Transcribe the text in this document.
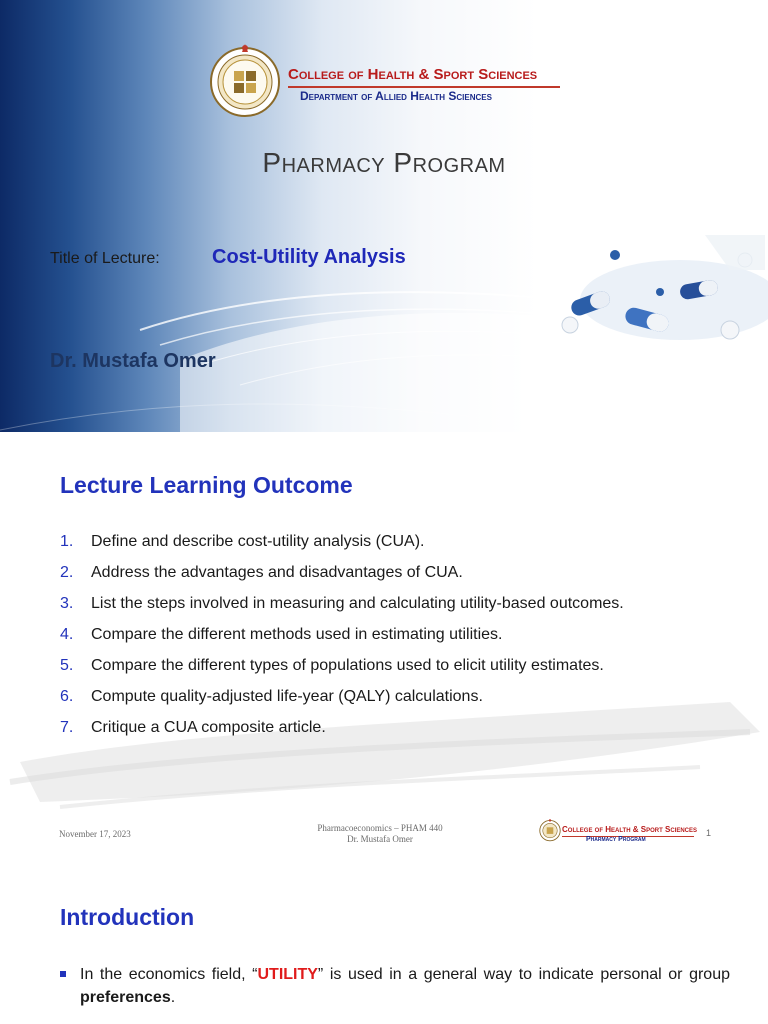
College of Health & Sport Sciences
Department of Allied Health Sciences
Pharmacy Program
Title of Lecture:	Cost-Utility Analysis
Dr. Mustafa Omer
Lecture Learning Outcome
1. Define and describe cost-utility analysis (CUA).
2. Address the advantages and disadvantages of CUA.
3. List the steps involved in measuring and calculating utility-based outcomes.
4. Compare the different methods used in estimating utilities.
5. Compare the different types of populations used to elicit utility estimates.
6. Compute quality-adjusted life-year (QALY) calculations.
7. Critique a CUA composite article.
November 17, 2023
Pharmacoeconomics – PHAM 440
Dr. Mustafa Omer
College of Health & Sport Sciences
Pharmacy Program
1
Introduction
In the economics field, “UTILITY” is used in a general way to indicate personal or group preferences.
